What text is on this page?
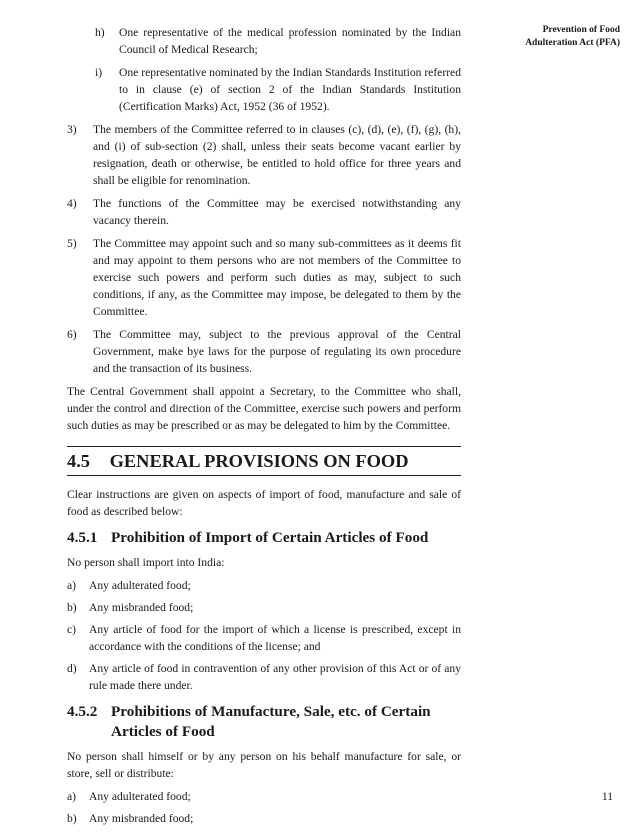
Prevention of Food
Adulteration Act (PFA)
h) One representative of the medical profession nominated by the Indian Council of Medical Research;
i) One representative nominated by the Indian Standards Institution referred to in clause (e) of section 2 of the Indian Standards Institution (Certification Marks) Act, 1952 (36 of 1952).
3) The members of the Committee referred to in clauses (c), (d), (e), (f), (g), (h), and (i) of sub-section (2) shall, unless their seats become vacant earlier by resignation, death or otherwise, be entitled to hold office for three years and shall be eligible for renomination.
4) The functions of the Committee may be exercised notwithstanding any vacancy therein.
5) The Committee may appoint such and so many sub-committees as it deems fit and may appoint to them persons who are not members of the Committee to exercise such powers and perform such duties as may, subject to such conditions, if any, as the Committee may impose, be delegated to them by the Committee.
6) The Committee may, subject to the previous approval of the Central Government, make bye laws for the purpose of regulating its own procedure and the transaction of its business.

The Central Government shall appoint a Secretary, to the Committee who shall, under the control and direction of the Committee, exercise such powers and perform such duties as may be prescribed or as may be delegated to him by the Committee.

4.5 GENERAL PROVISIONS ON FOOD

Clear instructions are given on aspects of import of food, manufacture and sale of food as described below:

4.5.1 Prohibition of Import of Certain Articles of Food

No person shall import into India:

a) Any adulterated food;
b) Any misbranded food;
c) Any article of food for the import of which a license is prescribed, except in accordance with the conditions of the license; and
d) Any article of food in contravention of any other provision of this Act or of any rule made there under.
4.5.2 Prohibitions of Manufacture, Sale, etc. of Certain Articles of Food

No person shall himself or by any person on his behalf manufacture for sale, or store, sell or distribute:

a) Any adulterated food;
b) Any misbranded food;
11
